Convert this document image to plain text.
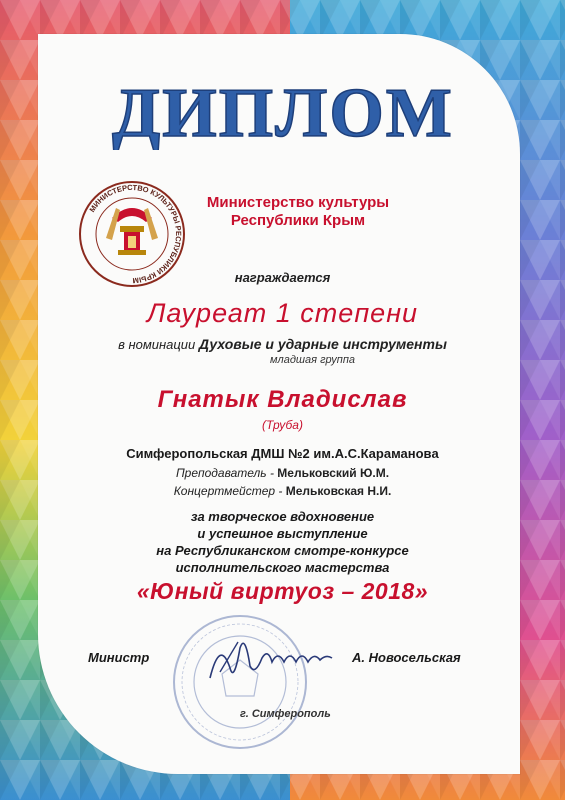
ДИПЛОМ
МИНИСТЕРСТВО КУЛЬТУРЫ РЕСПУБЛИКИ КРЫМ
Министерство культуры
Республики Крым
награждается
Лауреат 1 степени
в номинации Духовые и ударные инструменты
младшая группа
Гнатык Владислав
(Труба)
Симферопольская ДМШ №2 им.А.С.Карамановa
Преподаватель - Мельковский Ю.М.
Концертмейстер - Мельковская Н.И.
за творческое вдохновение
и успешное выступление
на Республиканском смотре-конкурсе
исполнительского мастерства
«Юный виртуоз – 2018»
Министр	А. Новосельская
г. Симферополь
